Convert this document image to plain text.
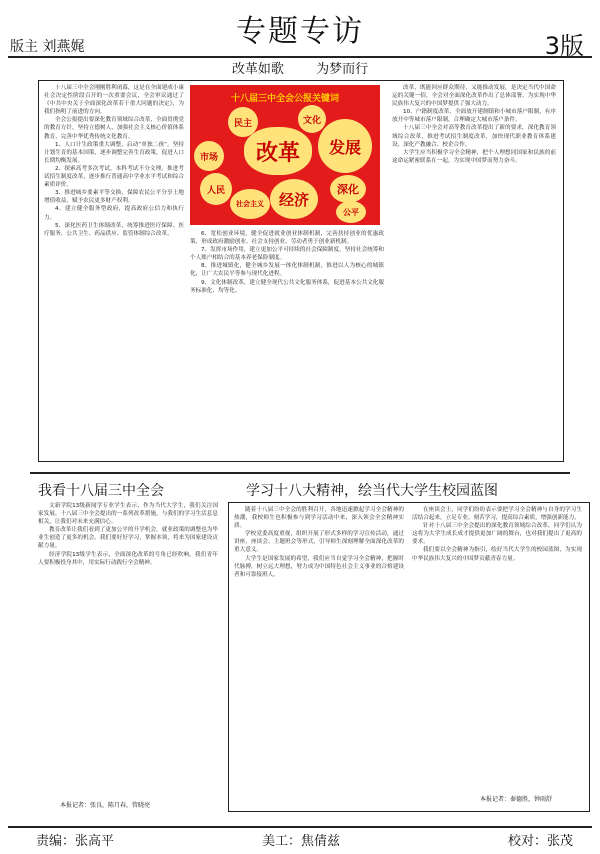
版主 刘燕娓	专题专访	3版
改革如歌 为梦而行

十八届三中全会刚刚胜利闭幕，这是在全面建成小康社会决定性阶段召开的一次重要会议，全会审议通过了《中共中央关于全面深化改革若干重大问题的决定》，为我们指明了前进的方向。

全会公报提出要深化教育领域综合改革，全面贯彻党的教育方针，坚持立德树人，加强社会主义核心价值体系教育，完善中华优秀传统文化教育。

1、人口计生政策重大调整，启动“单独二孩”。坚持计划生育的基本国策，逐步调整完善生育政策，促进人口长期均衡发展。

2、探索高考多次考试，本科考试不分文理。推进考试招生制度改革，逐步推行普通高中学业水平考试和综合素质评价。

3、推进城乡要素平等交换，保障农民公平分享土地增值收益，赋予农民更多财产权利。

4、建立健全服务型政府，提高政府公信力和执行力。

5、深化医药卫生体制改革，统筹推进医疗保障、医疗服务、公共卫生、药品供应、监管体制综合改革。

十八届三中全会公报关键词
民主	文化
发展
市场	改革
人民	深化
经济
社会主义
公平

6、宽松创业环境，健全促进就业创业体制机制，完善扶持创业的优惠政策，形成政府激励创业、社会支持创业、劳动者勇于创业新机制。

7、发挥市场作用，建立更加公平可持续的社会保障制度，坚持社会统筹和个人账户相结合的基本养老保险制度。

8、推进城镇化，健全城乡发展一体化体制机制，推进以人为核心的城镇化，让广大农民平等参与现代化进程。

9、文化体制改革，建立健全现代公共文化服务体系，促进基本公共文化服务标准化、均等化。

改革，既能回应群众期待，又能推动发展，是决定当代中国命运的关键一招。全会对全面深化改革作出了总体部署，为实现中华民族伟大复兴的中国梦提供了强大动力。

10、户籍制度改革，全面放开建制镇和小城市落户限制，有序放开中等城市落户限制，合理确定大城市落户条件。

十八届三中全会对高等教育改革提出了新的要求，深化教育领域综合改革，推进考试招生制度改革，加快现代职业教育体系建设，深化产教融合、校企合作。

大学生应当积极学习全会精神，把个人理想同国家和民族的前途命运紧密联系在一起，为实现中国梦而努力奋斗。

我看十八届三中全会

文新学院13级新闻学专业学生表示，作为当代大学生，我们关注国家发展。十八届三中全会提出的一系列改革措施，与我们的学习生活息息相关，让我们对未来充满信心。

教育改革让我们看到了更加公平的升学机会，就业政策的调整也为毕业生创造了更多的机会。我们要好好学习，掌握本领，将来为国家建设贡献力量。

经济学院13级学生表示，全面深化改革的号角已经吹响，我们青年人要积极投身其中，用实际行动践行全会精神。

本报记者：张良，陈月春，管晓亮
学习十八大精神，绘当代大学生校园蓝图

随着十八届三中全会的胜利召开，各地迅速掀起学习全会精神的热潮，我校师生也积极参与到学习活动中来，深入领会全会精神实质。

学校党委高度重视，组织开展了形式多样的学习宣传活动，通过讲座、座谈会、主题班会等形式，引导师生深刻理解全面深化改革的重大意义。

大学生是国家发展的希望，我们应当自觉学习全会精神，把握时代脉搏，树立远大理想，努力成为中国特色社会主义事业的合格建设者和可靠接班人。

在座谈会上，同学们纷纷表示要把学习全会精神与自身的学习生活结合起来，立足专业，刻苦学习，提高综合素质，增强创新能力。

针对十八届三中全会提出的深化教育领域综合改革，同学们认为这将为大学生成长成才提供更加广阔的舞台，也对我们提出了更高的要求。

我们要以全会精神为指引，绘好当代大学生的校园蓝图，为实现中华民族伟大复兴的中国梦贡献青春力量。

本报记者：秦德胜，钟雨舒
责编：张高平	美工：焦倩兹	校对：张茂
